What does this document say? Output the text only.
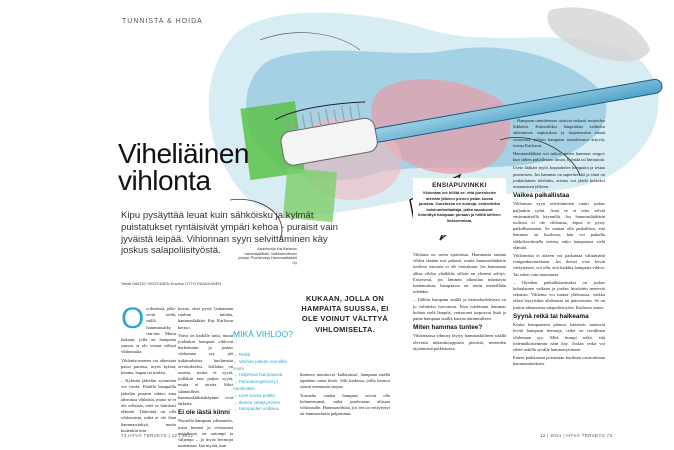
TUNNISTA & HOIDA
Viheliäinen vihlonta
Kipu pysäyttää leuat kuin sähköisku ja kylmät puistatukset ryntäisivät ympäri kehoa - puraisit vain jyväistä leipää. Vihlonnan syyn selvittäminen käy joskus salapoliisityöstä.
Teksti MARJO HENTUNEN Kuvitus OTTO PAAKKANEN
Asiantuntija Kaj Karlsson hammaslääkäri, Valkeistevähnen johtaja, Plus'terveys Hammaslääkärit Oy
O n ilmiöstä, jolla-etvät tiedä, millä hammassärky tun-tuu. Muttu kukaan, jolla on hampaita suussa, ei ole voinut välttyä vihlonnalta.

Vihlonta-tunteen voi aiheuttaa paitsi puraisu, myös kylmä, kuuma, hapan tai makea.

– Kylmän jäätelön syöminen voi tiivää. Ehöillä hampailla jäätelön puraisu tahtoo aina aiheuttaa vihlaista, mutta se ei ole sellaista, ettei se häiritsisi elämää. Tärkeintä on olla vihlonnista, mikä ei ole ihan hammassärkyä, mutta kuitenkin niin

kovaa, ettei pysty laittamaan suuhun mitään, hammaslääkäri Kaj Karlsson kertoo.

Vaiva on kaikille tuttu, mutta joidenkin hampaat vihlovat herkemmin ja joskus vihlonnan syy jää tutkimuksista huolimatta arvoitukseksi. Joillakin on omista, mutta ei syytä, joillakin taas paljon syytä, mutta ei oireita. Siksi säännölliset hammaslääkärikäynnit ovat tärkeitä.

Ei ole iästä kiinni

Nuorella hampaan ydinontelo, jossa hermot ja verisuonet majailevat, on ontompi ja väljempi – ja myös hermopi tuntemaan. Iän myötä, kun

MIKÄ VIHLOO?
→ Reikä
→ Vanhan paikan reunoilla vuoto
→ Haljennut hampaassa
→ Purentaongelmat ja narskuttelu
→ Liian kovaa pokka
→ Ikenen vetäytyminen
→ Hampaiden valkaisu
KUKAAN, JOLLA ON HAMPAITA SUUSSA, EI OLE VOINUT VÄLTTYÄ VIHLOMISELTA.

ihminen muuttuvat 'kalkkiutuu', hampaan sisällä tapahtuu sama ilmiö. Silti kaikissa, joilla hermot saavat enemmän suojaa.

Toisaalta vanhat hampaat voivat olla kuluneemmat, mikä puolestaan altistaa vihlonnalle. Hammasvihlaa, jos ien on vetäytynyt tai hammasluula paljastunut.

ENSIAPUVINKKI

Vihlontaa voi hillitä se, että pureskelee ateriain jälkeen pienen palan kovaa juustoa. Juustossa on suoloja, esimerkiksi kalsiumfosfaattaja, jotka saostuvat kiinnittyä hampaan pintaan ja hillitä kiilteen liukenemista.

Vihlonta on usein ajoittaista. Hammasta saattaa vihloa tänään tosi pahasti, mutta hammaslääkärin tuolissa vaivasta ei ole tietoakaan. Jos hammasta alkaa vihloa yhtäkkiä, silloin on yleensä selitys. Erityisesti, jos lämmin aiheuttaa inhottavia tuntemuksia, hampaassa on usein meneillään tulehdus.

– Tällöin hampaan sisällä ja hermokudoksissa on jo valmiiksi turvotusta. Kun tulehtunut hammas kohtaa vielä lämpöä, verisuonet turpoavat lisää ja paine hampaan sisällä kasvaa äärimmilleen.

Miten hammas tuntee?

Vihlonnassa ydinosy läytyy hammaskiilteen sisällä olevasta mikroskooppisen pienistä, nesteiden täyttämistä putkistoista.

– Hampaan tuntohermot aistivat tarkasti nesteiden liikkeitä. Esimerkiksi lämpötilan vaihtelut aiheuttavat supistuksia ja laajenemisia nämä sisäisessä, jolloin hampaan tuntohermot ärtyvät, toteaa Karlsson.

Hammaslääkäri voi tutkia, miten hammas reagoi: kun siihen puhalletaan ilmaa, kylmää tai lämmintä.

Usein lääkäri myös kopauttelee hampaita ja testaa puremisen. Jos hammas on superherkkä ja siinä on jonkinlainen tulehdus, aristus voi jäädä hetkeksi testaamisen jälkeen.

Vaikea paikallistaa

Vihlonnan syyn selvittäminen vaatii joskus paljonkin työtä. Aina se ei edes selviä ensimmäisellä käynnillä. Jos hammaslääkärin tuolissa ei ole vihlontaa, kipua ei pysty paikallistamaan. Se saattaa olla paikallista, että hammas on kuolossa, hän voi paikalla sähkökorttimella testata, onko hampaassa vielä elämää.

Vihlonnista ei aikeen voi paikantaa välttämättä röntgenkuvastakaan. Jos ikenet ovat kovin vetäytyneet, voi olla, että kaikkia hampaita vihloo. Tai sitten vain muutamaa.

– Oireiden paikallistamiseksi on joskus kohtalainen vaikeaa ja joskus hiuslohin menevät sekaisin. Vihlonta voi tuntua yläleuassa, vaikka oikea löytyisikin alaleuasta tai päinvastoin. Se on joskus aikamoista salapoliisityötä, Karlsson sanoo.

Syynä reikä tai halkeama

Koska hampaaseen päässyt bakteerit saattavat levitä hampaan hermoja, reikä on tavallinen vihlonnan syy. Mitä isompi reikä, sitä todennäköisemmin näin käy. Joskus reikä voi edetä todella syvälle hammasytimeen.

Ennen paikkausta poistetaan kariksen vaurioittama hammasaineksen.

72 HYVÄ TERVEYS | 12 | 2021	12 | 2021 | HYVÄ TERVEYS 73
